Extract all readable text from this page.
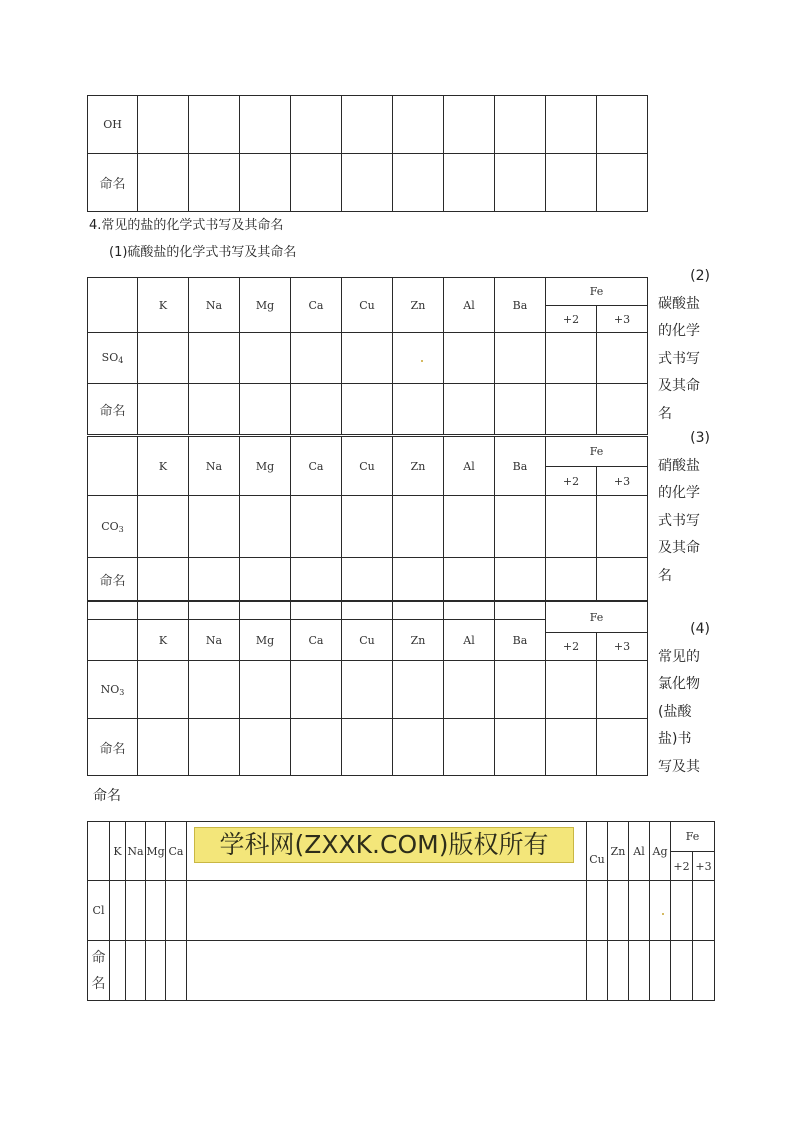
OH										
命名										
4.常见的盐的化学式书写及其命名
(1)硫酸盐的化学式书写及其命名
	K	Na	Mg	Ca	Cu	Zn	Al	Ba	Fe	
									+2	+3
$SO_4$										
命名										
	K	Na	Mg	Ca	Cu	Zn	Al	Ba	Fe	
									+2	+3
$CO_3$										
命名										
									Fe	
	K	Na	Mg	Ca	Cu	Zn	Al	Ba		
									+2	+3
$NO_3$										
命名										
(2)
碳酸盐
的化学
式书写
及其命
名
(3)
硝酸盐
的化学
式书写
及其命
名
(4)
常见的
氯化物
(盐酸
盐)书
写及其
命名
	K	Na	Mg	Ca		Cu	Zn	Al	Ag	Fe	
										+2	+3
Cl											

命
名											

学科网(ZXXK.COM)版权所有
